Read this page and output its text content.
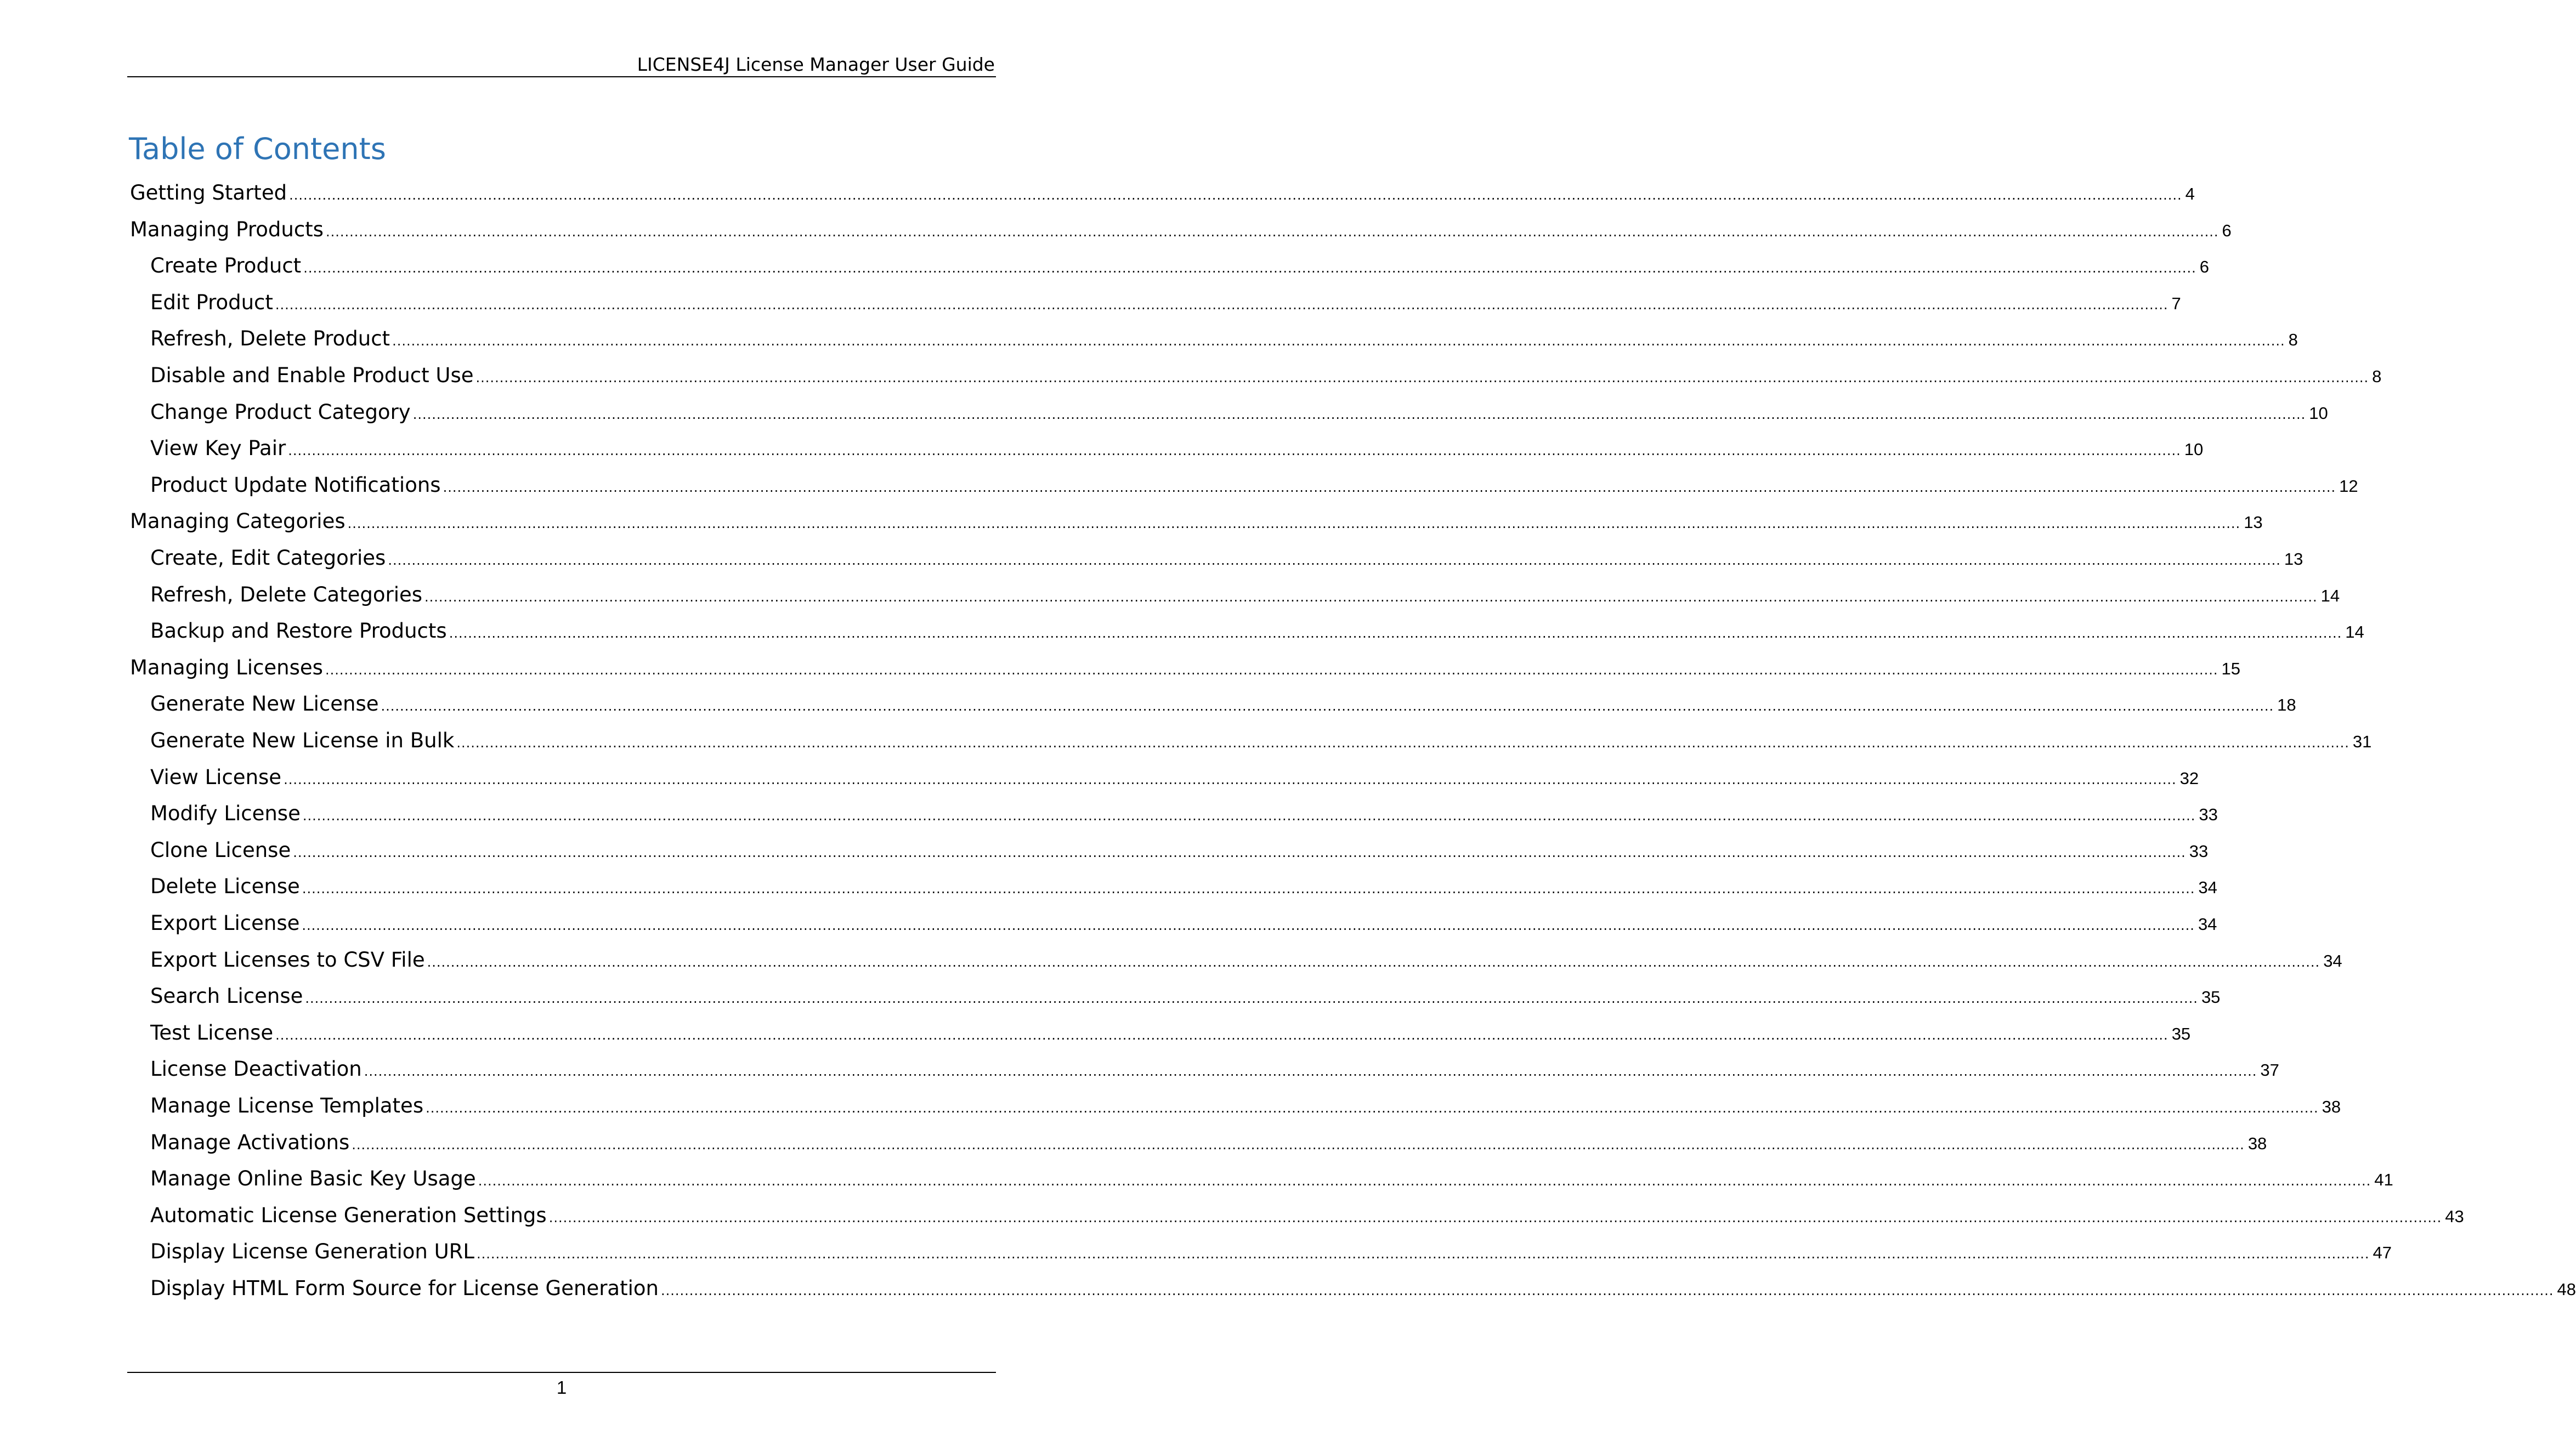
LICENSE4J License Manager User Guide
Table of Contents
Getting Started ................................................................................................................................................................................................................................................................................................................................................................................................................ 4
Managing Products ................................................................................................................................................................................................................................................................................................................................................................................................................ 6
Create Product ................................................................................................................................................................................................................................................................................................................................................................................................................ 6
Edit Product ................................................................................................................................................................................................................................................................................................................................................................................................................ 7
Refresh, Delete Product ................................................................................................................................................................................................................................................................................................................................................................................................................ 8
Disable and Enable Product Use ................................................................................................................................................................................................................................................................................................................................................................................................................ 8
Change Product Category ................................................................................................................................................................................................................................................................................................................................................................................................................ 10
View Key Pair ................................................................................................................................................................................................................................................................................................................................................................................................................ 10
Product Update Notifications ................................................................................................................................................................................................................................................................................................................................................................................................................ 12
Managing Categories ................................................................................................................................................................................................................................................................................................................................................................................................................ 13
Create, Edit Categories ................................................................................................................................................................................................................................................................................................................................................................................................................ 13
Refresh, Delete Categories ................................................................................................................................................................................................................................................................................................................................................................................................................ 14
Backup and Restore Products ................................................................................................................................................................................................................................................................................................................................................................................................................ 14
Managing Licenses ................................................................................................................................................................................................................................................................................................................................................................................................................ 15
Generate New License ................................................................................................................................................................................................................................................................................................................................................................................................................ 18
Generate New License in Bulk ................................................................................................................................................................................................................................................................................................................................................................................................................ 31
View License ................................................................................................................................................................................................................................................................................................................................................................................................................ 32
Modify License ................................................................................................................................................................................................................................................................................................................................................................................................................ 33
Clone License ................................................................................................................................................................................................................................................................................................................................................................................................................ 33
Delete License ................................................................................................................................................................................................................................................................................................................................................................................................................ 34
Export License ................................................................................................................................................................................................................................................................................................................................................................................................................ 34
Export Licenses to CSV File ................................................................................................................................................................................................................................................................................................................................................................................................................ 34
Search License ................................................................................................................................................................................................................................................................................................................................................................................................................ 35
Test License ................................................................................................................................................................................................................................................................................................................................................................................................................ 35
License Deactivation ................................................................................................................................................................................................................................................................................................................................................................................................................ 37
Manage License Templates ................................................................................................................................................................................................................................................................................................................................................................................................................ 38
Manage Activations ................................................................................................................................................................................................................................................................................................................................................................................................................ 38
Manage Online Basic Key Usage ................................................................................................................................................................................................................................................................................................................................................................................................................ 41
Automatic License Generation Settings ................................................................................................................................................................................................................................................................................................................................................................................................................ 43
Display License Generation URL ................................................................................................................................................................................................................................................................................................................................................................................................................ 47
Display HTML Form Source for License Generation ................................................................................................................................................................................................................................................................................................................................................................................................................ 48
1
